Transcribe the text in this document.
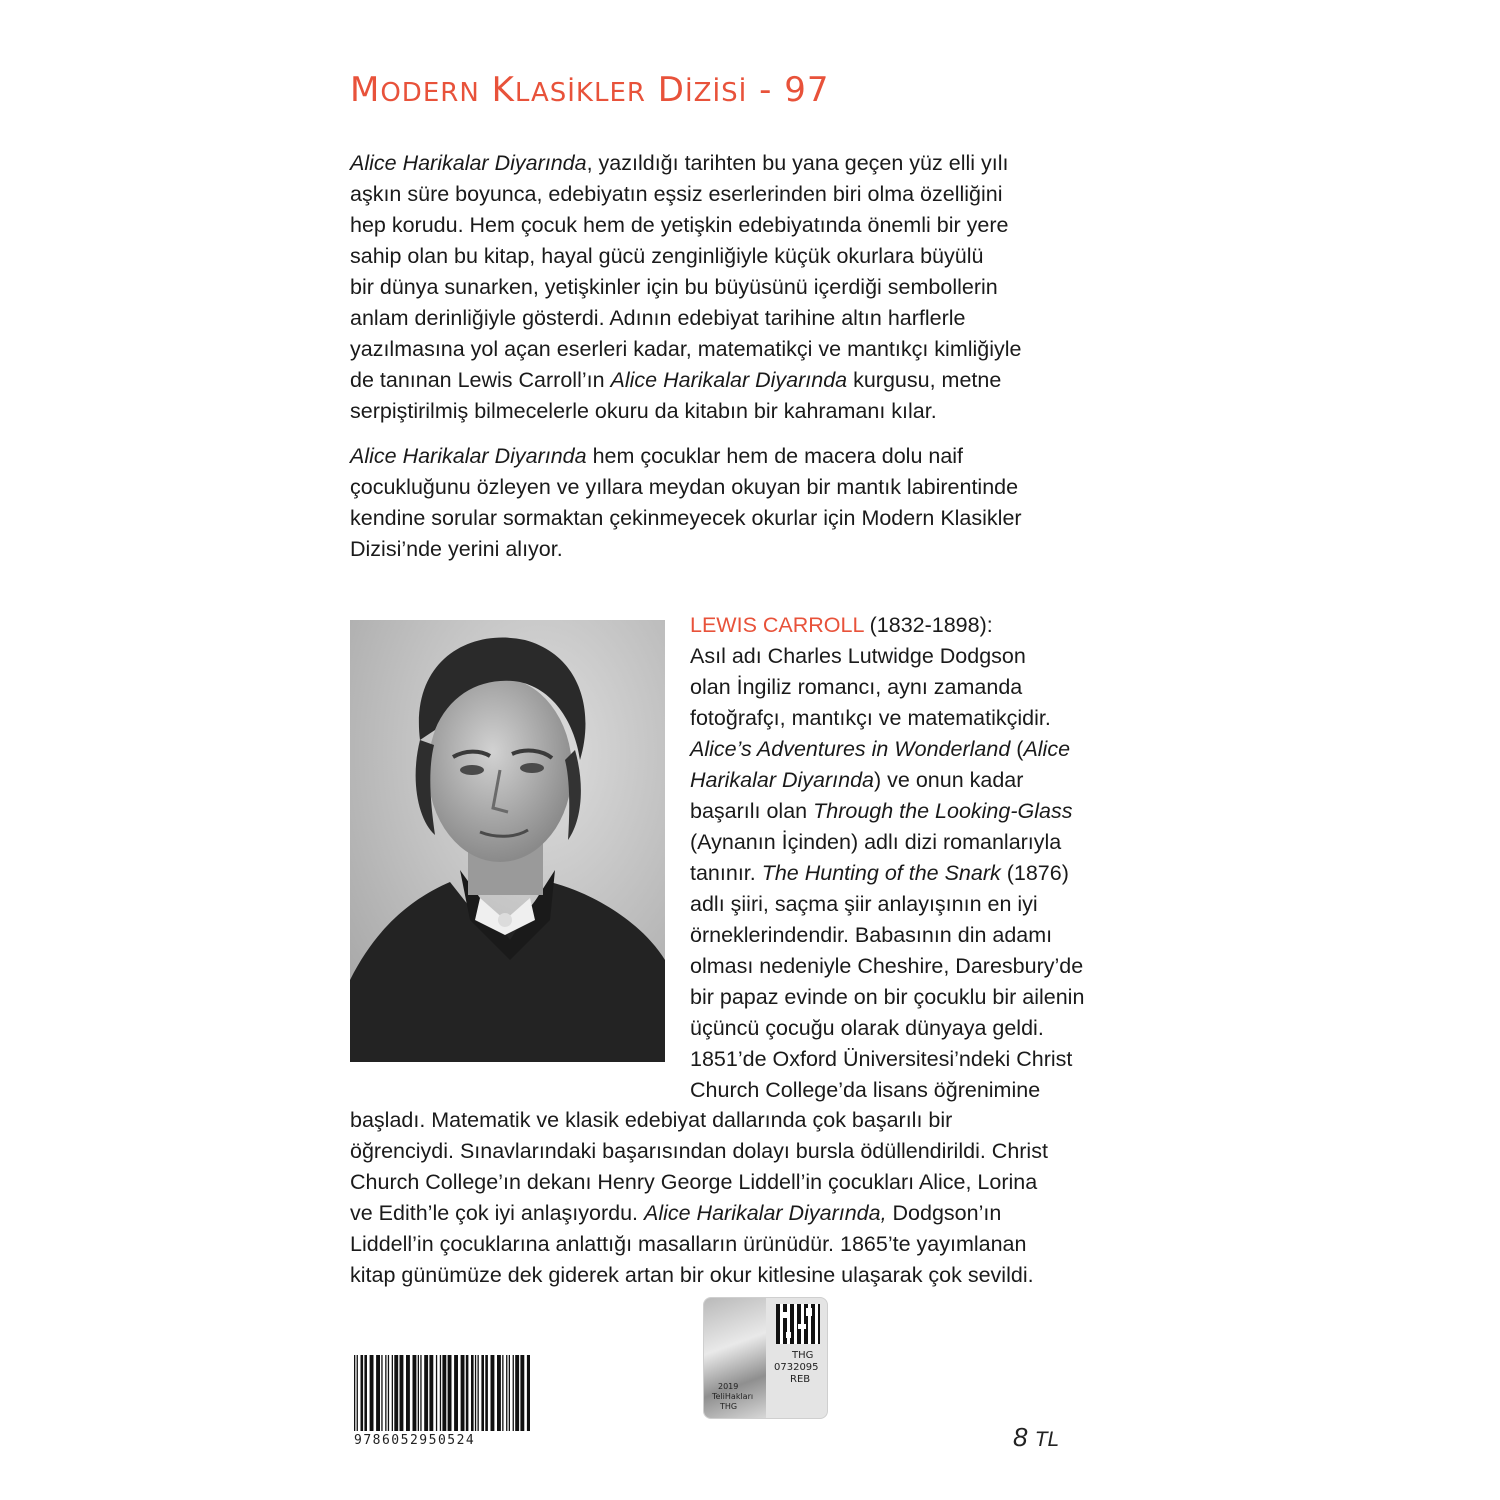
MODERN KLASİKLER DİZİSİ - 97

Alice Harikalar Diyarında, yazıldığı tarihten bu yana geçen yüz elli yılı
aşkın süre boyunca, edebiyatın eşsiz eserlerinden biri olma özelliğini
hep korudu. Hem çocuk hem de yetişkin edebiyatında önemli bir yere
sahip olan bu kitap, hayal gücü zenginliğiyle küçük okurlara büyülü
bir dünya sunarken, yetişkinler için bu büyüsünü içerdiği sembollerin
anlam derinliğiyle gösterdi. Adının edebiyat tarihine altın harflerle
yazılmasına yol açan eserleri kadar, matematikçi ve mantıkçı kimliğiyle
de tanınan Lewis Carroll’ın Alice Harikalar Diyarında kurgusu, metne
serpiştirilmiş bilmecelerle okuru da kitabın bir kahramanı kılar.

Alice Harikalar Diyarında hem çocuklar hem de macera dolu naif
çocukluğunu özleyen ve yıllara meydan okuyan bir mantık labirentinde
kendine sorular sormaktan çekinmeyecek okurlar için Modern Klasikler
Dizisi’nde yerini alıyor.

LEWIS CARROLL (1832-1898):
Asıl adı Charles Lutwidge Dodgson
olan İngiliz romancı, aynı zamanda
fotoğrafçı, mantıkçı ve matematikçidir.
Alice’s Adventures in Wonderland (Alice
Harikalar Diyarında) ve onun kadar
başarılı olan Through the Looking-Glass
(Aynanın İçinden) adlı dizi romanlarıyla
tanınır. The Hunting of the Snark (1876)
adlı şiiri, saçma şiir anlayışının en iyi
örneklerindendir. Babasının din adamı
olması nedeniyle Cheshire, Daresbury’de
bir papaz evinde on bir çocuklu bir ailenin
üçüncü çocuğu olarak dünyaya geldi.
1851’de Oxford Üniversitesi’ndeki Christ
Church College’da lisans öğrenimine
başladı. Matematik ve klasik edebiyat dallarında çok başarılı bir
öğrenciydi. Sınavlarındaki başarısından dolayı bursla ödüllendirildi. Christ
Church College’ın dekanı Henry George Liddell’in çocukları Alice, Lorina
ve Edith’le çok iyi anlaşıyordu. Alice Harikalar Diyarında, Dodgson’ın
Liddell’in çocuklarına anlattığı masalların ürünüdür. 1865’te yayımlanan
kitap günümüze dek giderek artan bir okur kitlesine ulaşarak çok sevildi.
9786052950524
THG
0732095
REB
2019
TeliHakları
THG
8 TL
